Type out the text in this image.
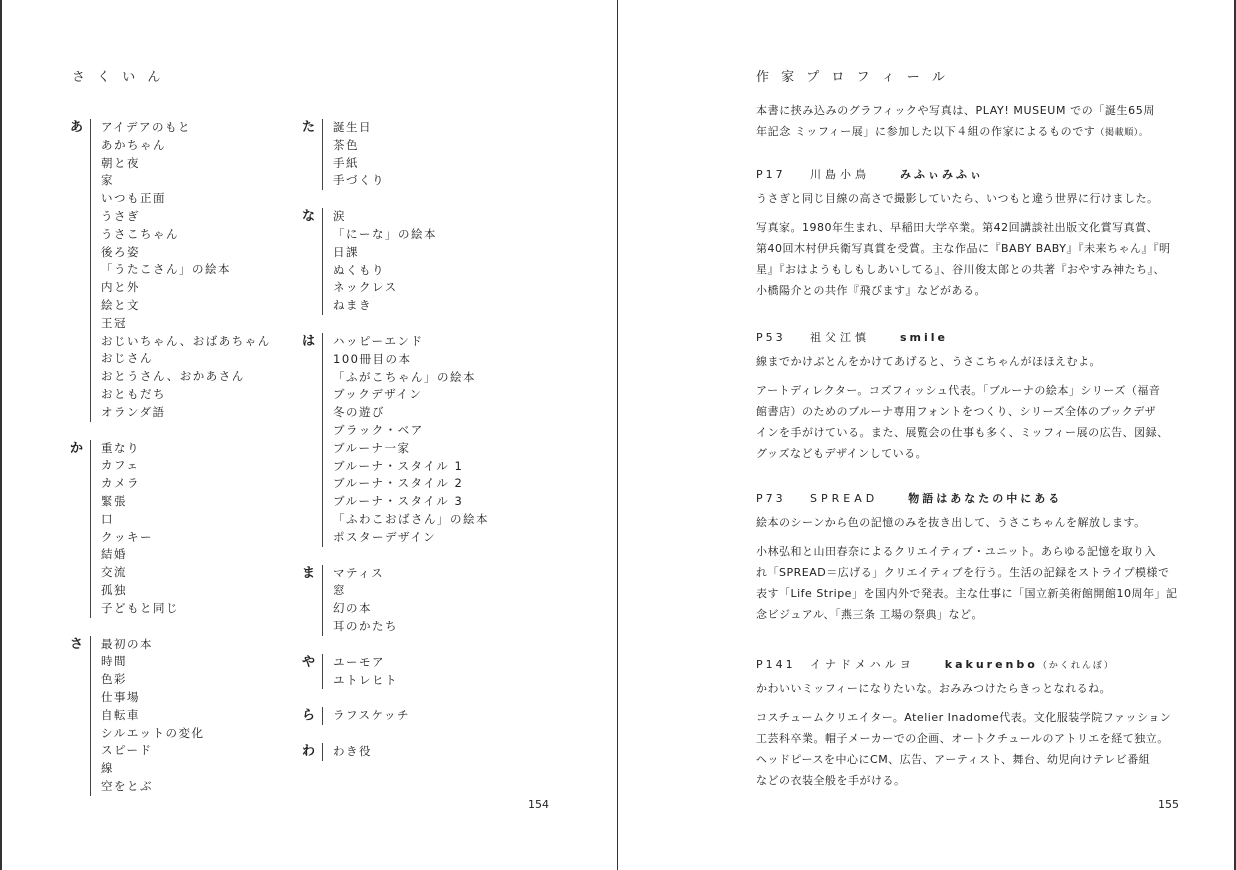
さ く い ん
あ	アイデアのもと
あかちゃん
朝と夜
家
いつも正面
うさぎ
うさこちゃん
後ろ姿
「うたこさん」の絵本
内と外
絵と文
王冠
おじいちゃん、おばあちゃん
おじさん
おとうさん、おかあさん
おともだち
オランダ語
か	重なり
カフェ
カメラ
緊張
口
クッキー
結婚
交流
孤独
子どもと同じ
さ	最初の本
時間
色彩
仕事場
自転車
シルエットの変化
スピード
線
空をとぶ
た	誕生日
茶色
手紙
手づくり
な	涙
「にーな」の絵本
日課
ぬくもり
ネックレス
ねまき
は	ハッピーエンド
100冊目の本
「ふがこちゃん」の絵本
ブックデザイン
冬の遊び
ブラック・ベア
ブルーナ一家
ブルーナ・スタイル 1
ブルーナ・スタイル 2
ブルーナ・スタイル 3
「ふわこおばさん」の絵本
ポスターデザイン
ま	マティス
窓
幻の本
耳のかたち
や	ユーモア
ユトレヒト
ら	ラフスケッチ
わ	わき役
154
作 家 プ ロ フ ィ ー ル
本書に挟み込みのグラフィックや写真は、PLAY! MUSEUM での「誕生65周
年記念 ミッフィー展」に参加した以下４組の作家によるものです（掲載順）。
P17 川島小鳥	みふぃみふぃ
うさぎと同じ目線の高さで撮影していたら、いつもと違う世界に行けました。
写真家。1980年生まれ、早稲田大学卒業。第42回講談社出版文化賞写真賞、
第40回木村伊兵衛写真賞を受賞。主な作品に『BABY BABY』『未来ちゃん』『明
星』『おはようもしもしあいしてる』、谷川俊太郎との共著『おやすみ神たち』、
小橋陽介との共作『飛びます』などがある。
P53 祖父江慎	smile
線までかけぶとんをかけてあげると、うさこちゃんがほほえむよ。
アートディレクター。コズフィッシュ代表。「ブルーナの絵本」シリーズ（福音
館書店）のためのブルーナ専用フォントをつくり、シリーズ全体のブックデザ
インを手がけている。また、展覧会の仕事も多く、ミッフィー展の広告、図録、
グッズなどもデザインしている。
P73 SPREAD	物語はあなたの中にある
絵本のシーンから色の記憶のみを抜き出して、うさこちゃんを解放します。
小林弘和と山田春奈によるクリエイティブ・ユニット。あらゆる記憶を取り入
れ「SPREAD＝広げる」クリエイティブを行う。生活の記録をストライプ模様で
表す「Life Stripe」を国内外で発表。主な仕事に「国立新美術館開館10周年」記
念ビジュアル、「燕三条 工場の祭典」など。
P141 イナドメハルヨ	kakurenbo（かくれんぼ）
かわいいミッフィーになりたいな。おみみつけたらきっとなれるね。
コスチュームクリエイター。Atelier Inadome代表。文化服装学院ファッション
工芸科卒業。帽子メーカーでの企画、オートクチュールのアトリエを経て独立。
ヘッドピースを中心にCM、広告、アーティスト、舞台、幼児向けテレビ番組
などの衣装全般を手がける。
155
